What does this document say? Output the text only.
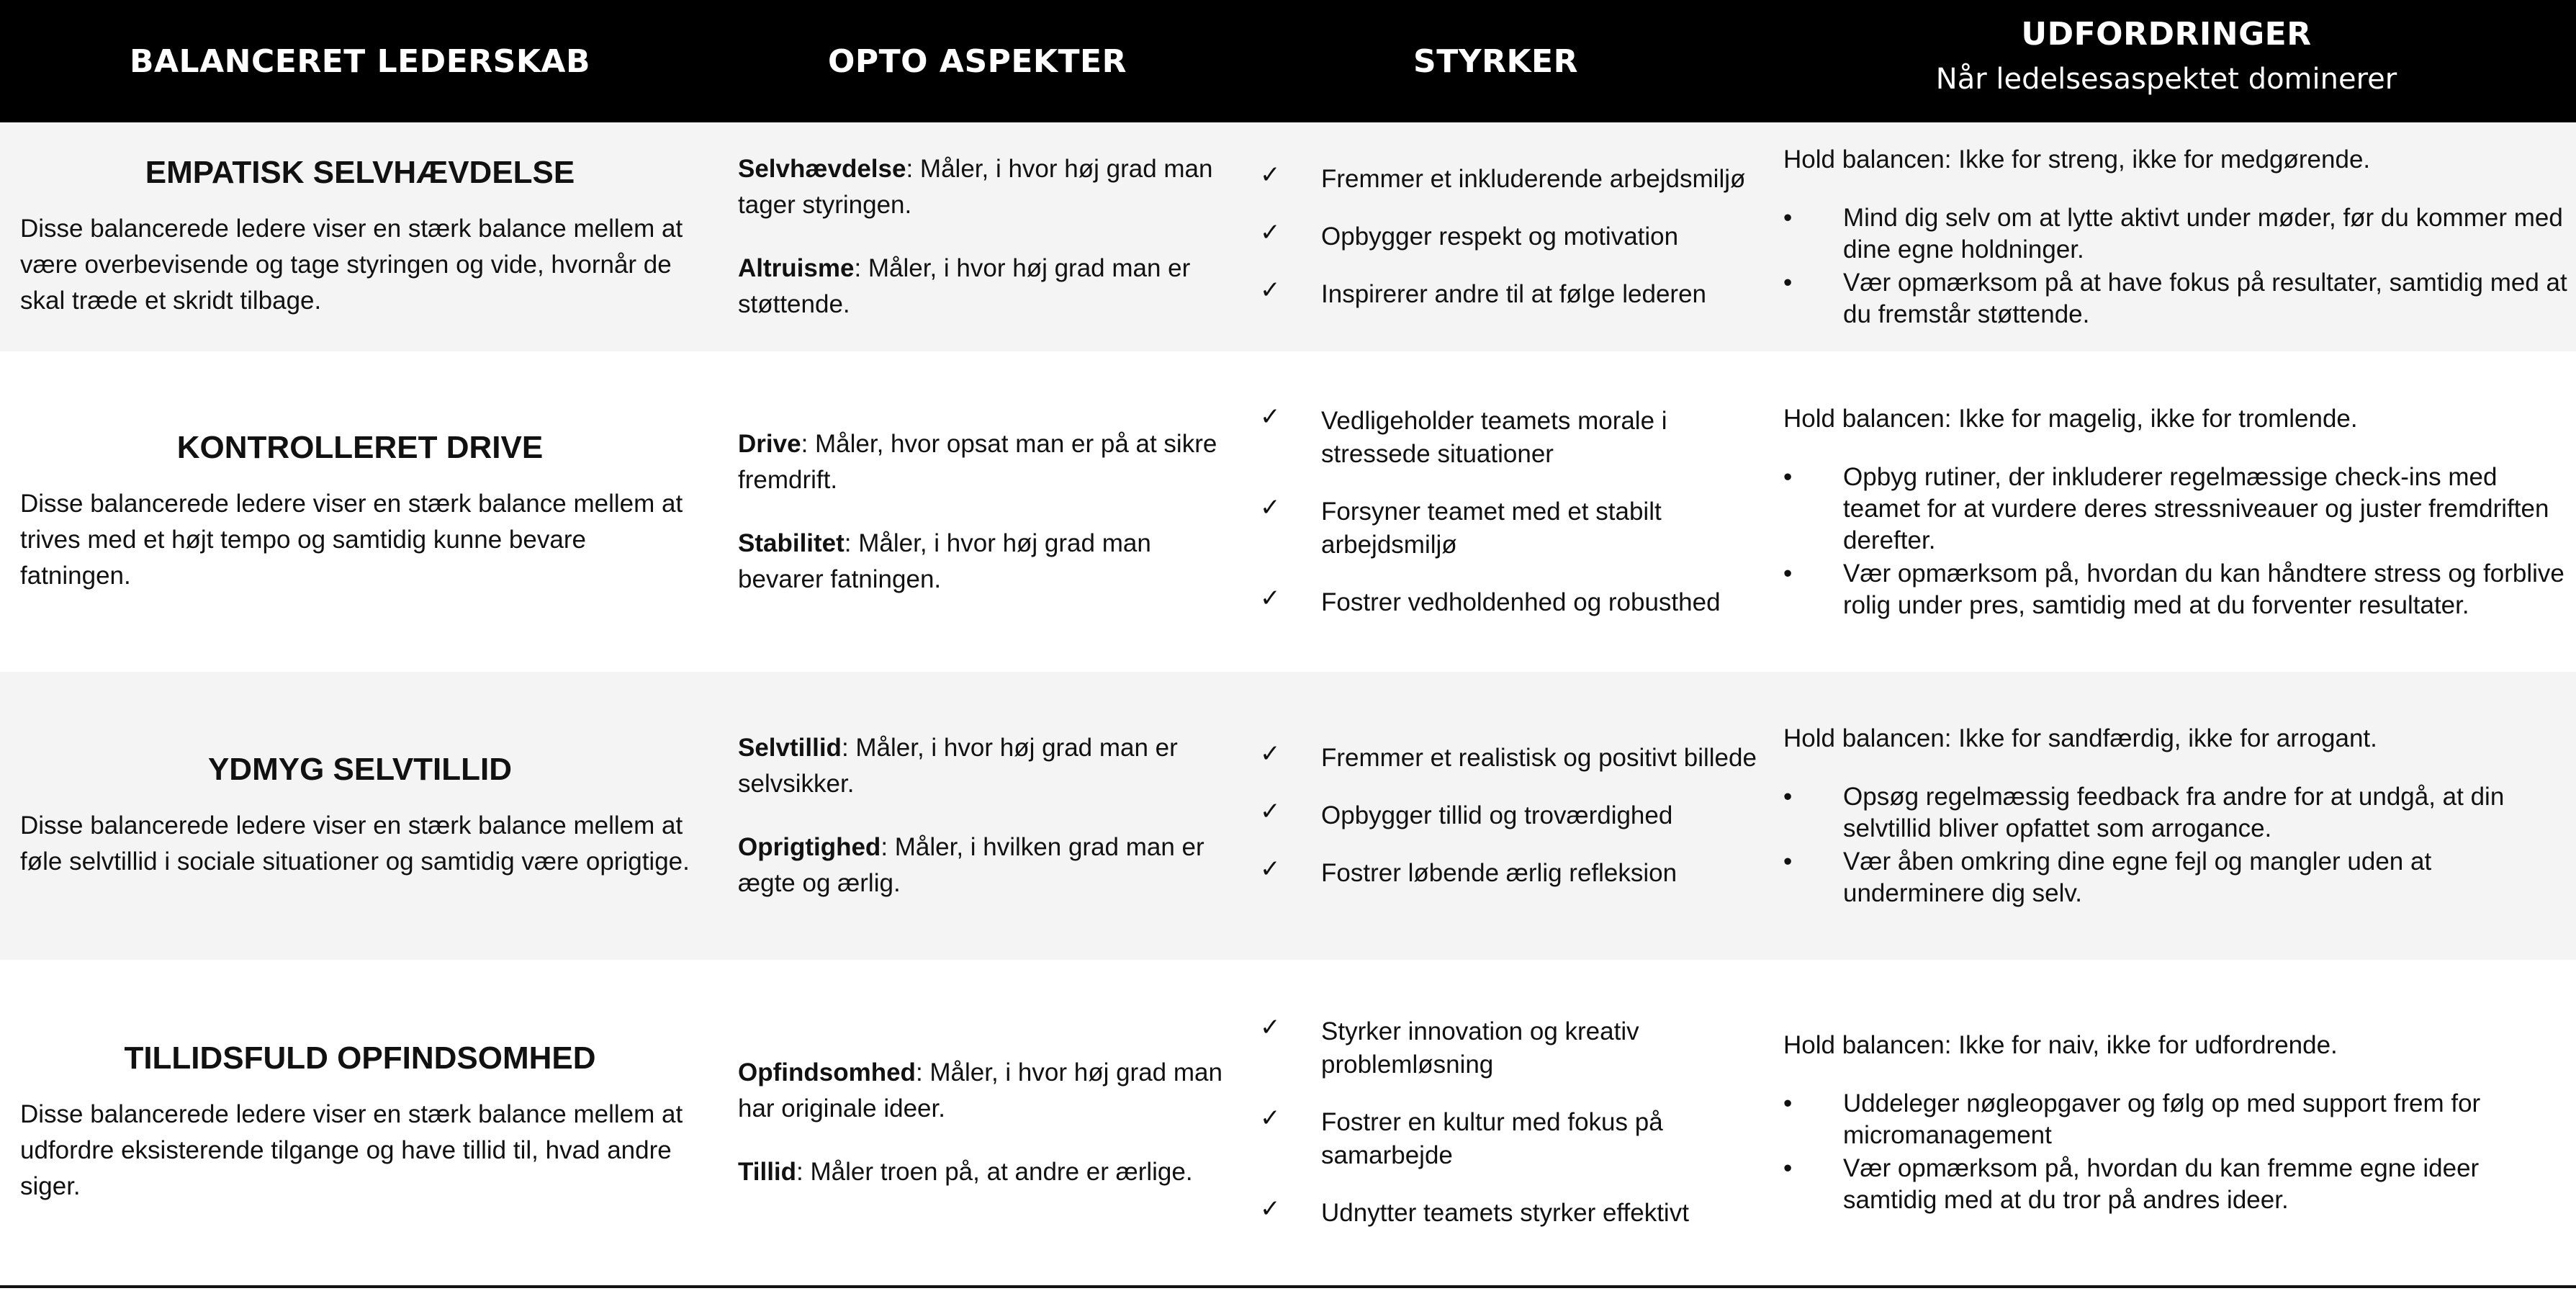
BALANCERET LEDERSKAB	OPTO ASPEKTER	STYRKER
UDFORDRINGER
Når ledelsesaspektet dominerer
EMPATISK SELVHÆVDELSE
Disse balancerede ledere viser en stærk balance mellem at være overbevisende og tage styringen og vide, hvornår de skal træde et skridt tilbage.
Selvhævdelse: Måler, i hvor høj grad man tager styringen.
Altruisme: Måler, i hvor høj grad man er støttende.
✓ Fremmer et inkluderende arbejdsmiljø
✓ Opbygger respekt og motivation
✓ Inspirerer andre til at følge lederen
Hold balancen: Ikke for streng, ikke for medgørende.
• Mind dig selv om at lytte aktivt under møder, før du kommer med dine egne holdninger.
• Vær opmærksom på at have fokus på resultater, samtidig med at du fremstår støttende.
KONTROLLERET DRIVE
Disse balancerede ledere viser en stærk balance mellem at trives med et højt tempo og samtidig kunne bevare fatningen.
Drive: Måler, hvor opsat man er på at sikre fremdrift.
Stabilitet: Måler, i hvor høj grad man bevarer fatningen.
✓ Vedligeholder teamets morale i stressede situationer
✓ Forsyner teamet med et stabilt arbejdsmiljø
✓ Fostrer vedholdenhed og robusthed
Hold balancen: Ikke for magelig, ikke for tromlende.
• Opbyg rutiner, der inkluderer regelmæssige check-ins med teamet for at vurdere deres stressniveauer og juster fremdriften derefter.
• Vær opmærksom på, hvordan du kan håndtere stress og forblive rolig under pres, samtidig med at du forventer resultater.
YDMYG SELVTILLID
Disse balancerede ledere viser en stærk balance mellem at føle selvtillid i sociale situationer og samtidig være oprigtige.
Selvtillid: Måler, i hvor høj grad man er selvsikker.
Oprigtighed: Måler, i hvilken grad man er ægte og ærlig.
✓ Fremmer et realistisk og positivt billede
✓ Opbygger tillid og troværdighed
✓ Fostrer løbende ærlig refleksion
Hold balancen: Ikke for sandfærdig, ikke for arrogant.
• Opsøg regelmæssig feedback fra andre for at undgå, at din selvtillid bliver opfattet som arrogance.
• Vær åben omkring dine egne fejl og mangler uden at underminere dig selv.
TILLIDSFULD OPFINDSOMHED
Disse balancerede ledere viser en stærk balance mellem at udfordre eksisterende tilgange og have tillid til, hvad andre siger.
Opfindsomhed: Måler, i hvor høj grad man har originale ideer.
Tillid: Måler troen på, at andre er ærlige.
✓ Styrker innovation og kreativ problemløsning
✓ Fostrer en kultur med fokus på samarbejde
✓ Udnytter teamets styrker effektivt
Hold balancen: Ikke for naiv, ikke for udfordrende.
• Uddeleger nøgleopgaver og følg op med support frem for micromanagement
• Vær opmærksom på, hvordan du kan fremme egne ideer samtidig med at du tror på andres ideer.
